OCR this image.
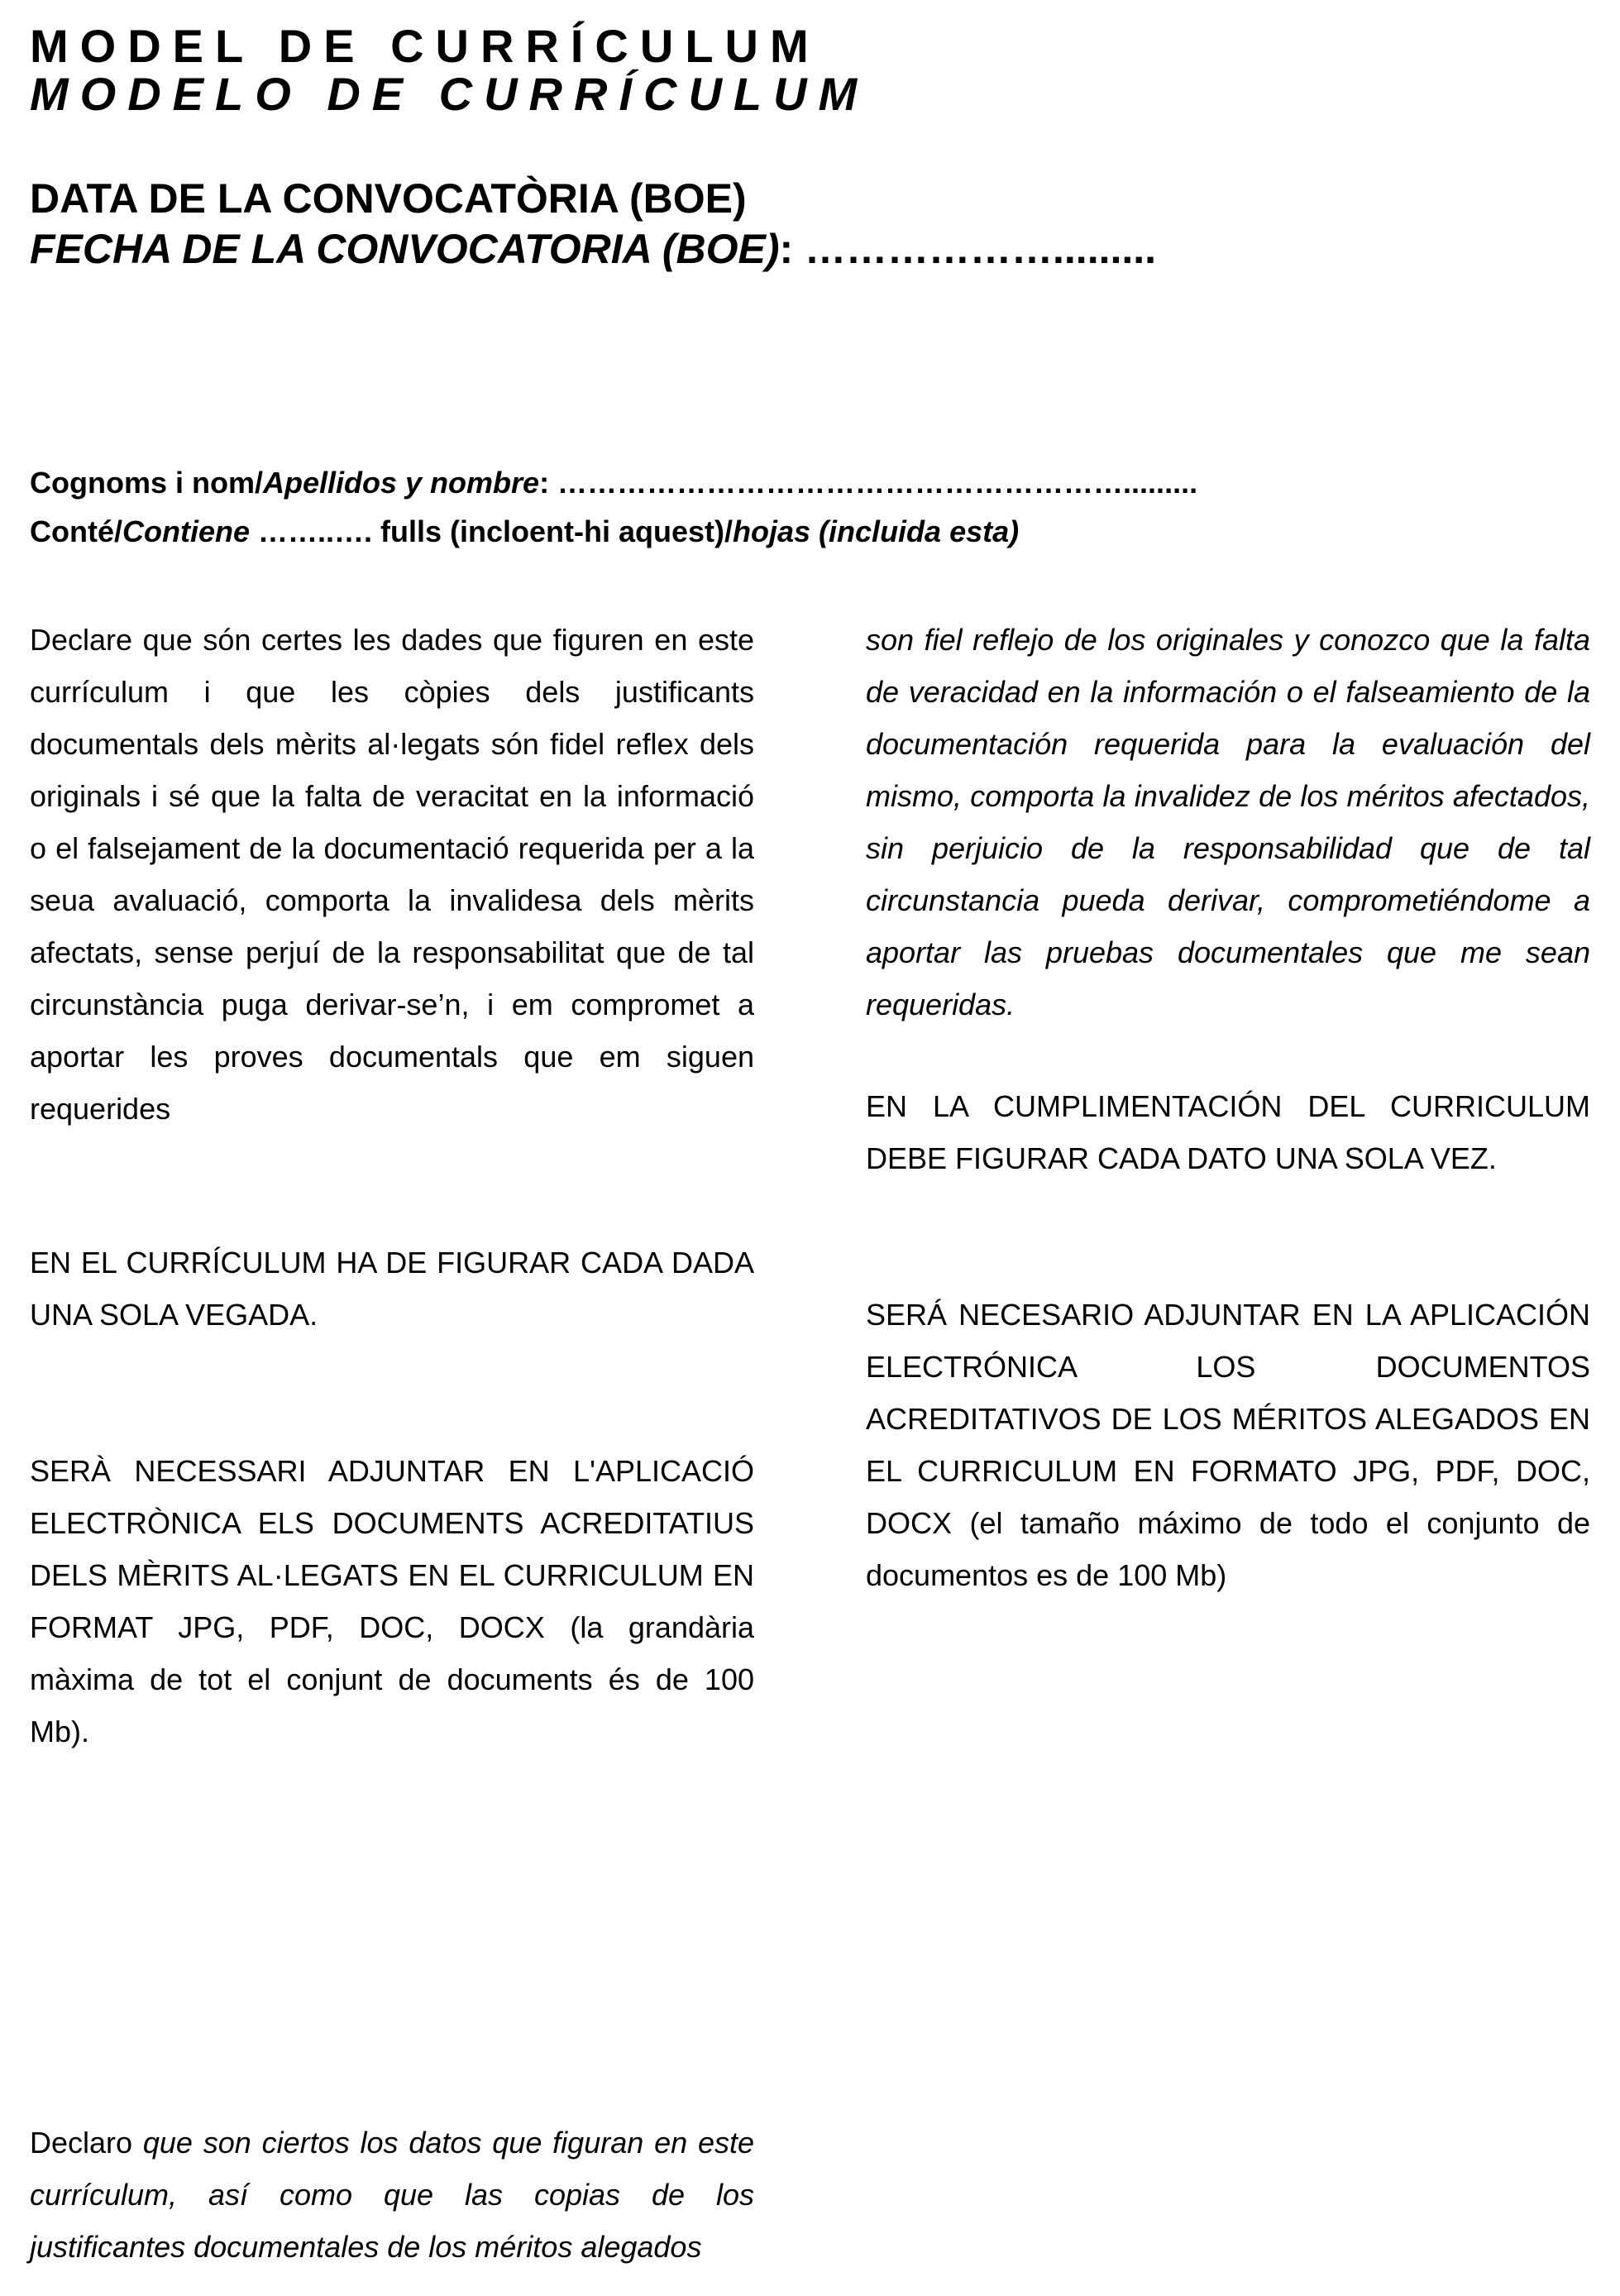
MODEL DE CURRÍCULUM
MODELO DE CURRÍCULUM
DATA DE LA CONVOCATÒRIA (BOE)
FECHA DE LA CONVOCATORIA (BOE): ……………….........
Cognoms i nom/Apellidos y nombre: ………………………………………………….........
Conté/Contiene ……..…. fulls (incloent-hi aquest)/hojas (incluida esta)

Declare que són certes les dades que figuren en este currículum i que les còpies dels justificants documentals dels mèrits al·legats són fidel reflex dels originals i sé que la falta de veracitat en la informació o el falsejament de la documentació requerida per a la seua avaluació, comporta la invalidesa dels mèrits afectats, sense perjuí de la responsabilitat que de tal circunstància puga derivar-se’n, i em compromet a aportar les proves documentals que em siguen requerides

EN EL CURRÍCULUM HA DE FIGURAR CADA DADA UNA SOLA VEGADA.

SERÀ NECESSARI ADJUNTAR EN L'APLICACIÓ ELECTRÒNICA ELS DOCUMENTS ACREDITATIUS DELS MÈRITS AL·LEGATS EN EL CURRICULUM EN FORMAT JPG, PDF, DOC, DOCX (la grandària màxima de tot el conjunt de documents és de 100 Mb).

Declaro que son ciertos los datos que figuran en este currículum, así como que las copias de los justificantes documentales de los méritos alegados

son fiel reflejo de los originales y conozco que la falta de veracidad en la información o el falseamiento de la documentación requerida para la evaluación del mismo, comporta la invalidez de los méritos afectados, sin perjuicio de la responsabilidad que de tal circunstancia pueda derivar, comprometiéndome a aportar las pruebas documentales que me sean requeridas.

EN LA CUMPLIMENTACIÓN DEL CURRICULUM DEBE FIGURAR CADA DATO UNA SOLA VEZ.

SERÁ NECESARIO ADJUNTAR EN LA APLICACIÓN ELECTRÓNICA LOS DOCUMENTOS ACREDITATIVOS DE LOS MÉRITOS ALEGADOS EN EL CURRICULUM EN FORMATO JPG, PDF, DOC, DOCX (el tamaño máximo de todo el conjunto de documentos es de 100 Mb)
